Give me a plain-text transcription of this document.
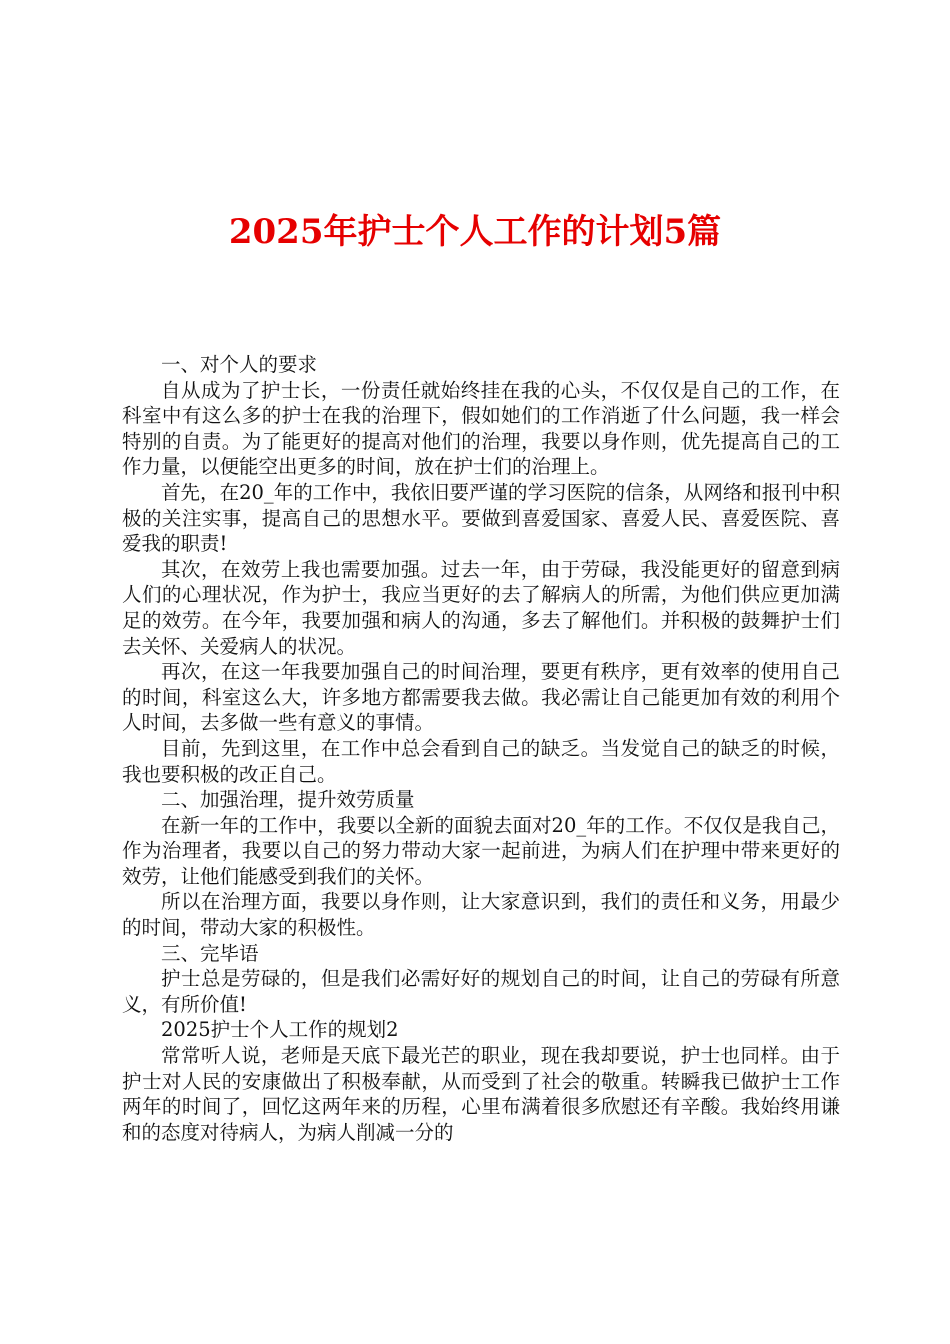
2025年护士个人工作的计划5篇

一、对个人的要求

自从成为了护士长，一份责任就始终挂在我的心头，不仅仅是自己的工作，在科室中有这么多的护士在我的治理下，假如她们的工作消逝了什么问题，我一样会特别的自责。为了能更好的提高对他们的治理，我要以身作则，优先提高自己的工作力量，以便能空出更多的时间，放在护士们的治理上。

首先，在20_年的工作中，我依旧要严谨的学习医院的信条，从网络和报刊中积极的关注实事，提高自己的思想水平。要做到喜爱国家、喜爱人民、喜爱医院、喜爱我的职责!

其次，在效劳上我也需要加强。过去一年，由于劳碌，我没能更好的留意到病人们的心理状况，作为护士，我应当更好的去了解病人的所需，为他们供应更加满足的效劳。在今年，我要加强和病人的沟通，多去了解他们。并积极的鼓舞护士们去关怀、关爱病人的状况。

再次，在这一年我要加强自己的时间治理，要更有秩序，更有效率的使用自己的时间，科室这么大，许多地方都需要我去做。我必需让自己能更加有效的利用个人时间，去多做一些有意义的事情。

目前，先到这里，在工作中总会看到自己的缺乏。当发觉自己的缺乏的时候，我也要积极的改正自己。

二、加强治理，提升效劳质量

在新一年的工作中，我要以全新的面貌去面对20_年的工作。不仅仅是我自己，作为治理者，我要以自己的努力带动大家一起前进，为病人们在护理中带来更好的效劳，让他们能感受到我们的关怀。

所以在治理方面，我要以身作则，让大家意识到，我们的责任和义务，用最少的时间，带动大家的积极性。

三、完毕语

护士总是劳碌的，但是我们必需好好的规划自己的时间，让自己的劳碌有所意义，有所价值!

2025护士个人工作的规划2

常常听人说，老师是天底下最光芒的职业，现在我却要说，护士也同样。由于护士对人民的安康做出了积极奉献，从而受到了社会的敬重。转瞬我已做护士工作两年的时间了，回忆这两年来的历程，心里布满着很多欣慰还有辛酸。我始终用谦和的态度对待病人，为病人削减一分的
